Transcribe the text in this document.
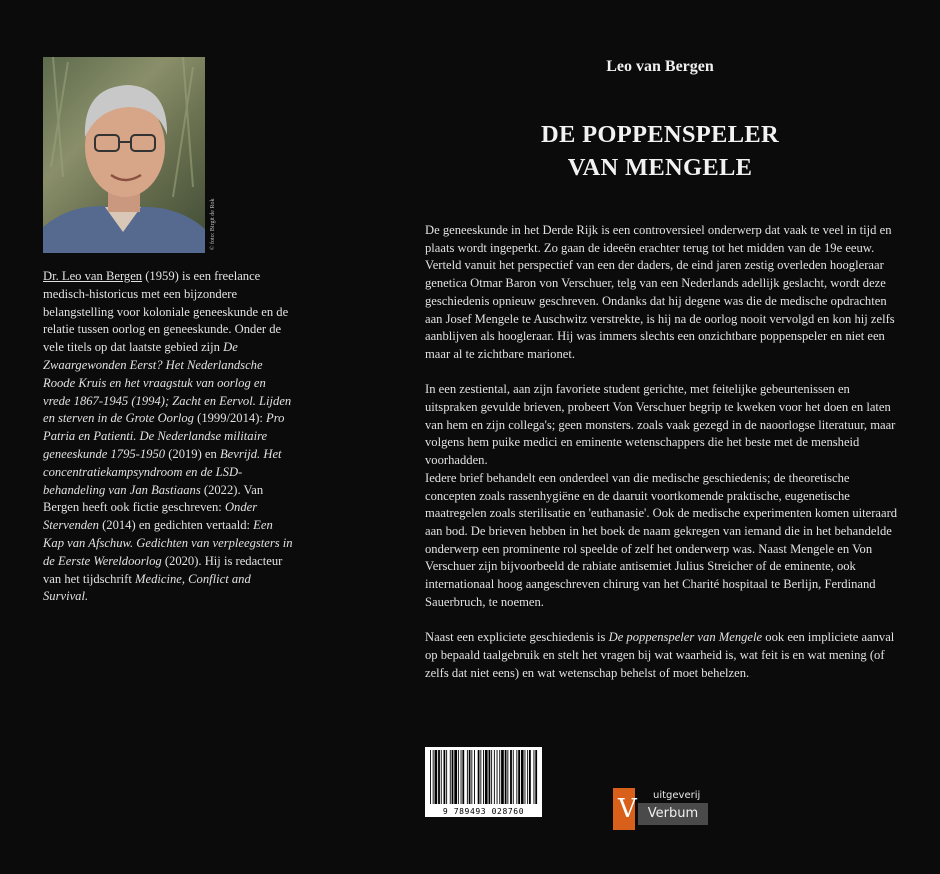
© foto: Birgit de Rok
Dr. Leo van Bergen (1959) is een freelance medisch-historicus met een bijzondere belangstelling voor koloniale geneeskunde en de relatie tussen oorlog en geneeskunde. Onder de vele titels op dat laatste gebied zijn De Zwaargewonden Eerst? Het Nederlandsche Roode Kruis en het vraagstuk van oorlog en vrede 1867-1945 (1994); Zacht en Eervol. Lijden en sterven in de Grote Oorlog (1999/2014): Pro Patria en Patienti. De Nederlandse militaire geneeskunde 1795-1950 (2019) en Bevrijd. Het concentratiekampsyndroom en de LSD-behandeling van Jan Bastiaans (2022). Van Bergen heeft ook fictie geschreven: Onder Stervenden (2014) en gedichten vertaald: Een Kap van Afschuw. Gedichten van verpleegsters in de Eerste Wereldoorlog (2020). Hij is redacteur van het tijdschrift Medicine, Conflict and Survival.
Leo van Bergen
DE POPPENSPELER
VAN MENGELE

De geneeskunde in het Derde Rijk is een controversieel onderwerp dat vaak te veel in tijd en plaats wordt ingeperkt. Zo gaan de ideeën erachter terug tot het midden van de 19e eeuw. Verteld vanuit het perspectief van een der daders, de eind jaren zestig overleden hoogleraar genetica Otmar Baron von Verschuer, telg van een Nederlands adellijk geslacht, wordt deze geschiedenis opnieuw geschreven. Ondanks dat hij degene was die de medische opdrachten aan Josef Mengele te Auschwitz verstrekte, is hij na de oorlog nooit vervolgd en kon hij zelfs aanblijven als hoogleraar. Hij was immers slechts een onzichtbare poppenspeler en niet een maar al te zichtbare marionet.

In een zestiental, aan zijn favoriete student gerichte, met feitelijke gebeurtenissen en uitspraken gevulde brieven, probeert Von Verschuer begrip te kweken voor het doen en laten van hem en zijn collega's; geen monsters. zoals vaak gezegd in de naoorlogse literatuur, maar volgens hem puike medici en eminente wetenschappers die het beste met de mensheid voorhadden.

Iedere brief behandelt een onderdeel van die medische geschiedenis; de theoretische concepten zoals rassenhygiëne en de daaruit voortkomende praktische, eugenetische maatregelen zoals sterilisatie en 'euthanasie'. Ook de medische experimenten komen uiteraard aan bod. De brieven hebben in het boek de naam gekregen van iemand die in het behandelde onderwerp een prominente rol speelde of zelf het onderwerp was. Naast Mengele en Von Verschuer zijn bijvoorbeeld de rabiate antisemiet Julius Streicher of de eminente, ook internationaal hoog aangeschreven chirurg van het Charité hospitaal te Berlijn, Ferdinand Sauerbruch, te noemen.

Naast een expliciete geschiedenis is De poppenspeler van Mengele ook een impliciete aanval op bepaald taalgebruik en stelt het vragen bij wat waarheid is, wat feit is en wat mening (of zelfs dat niet eens) en wat wetenschap behelst of moet behelzen.

9 789493 028760	V uitgeverij
Verbum
